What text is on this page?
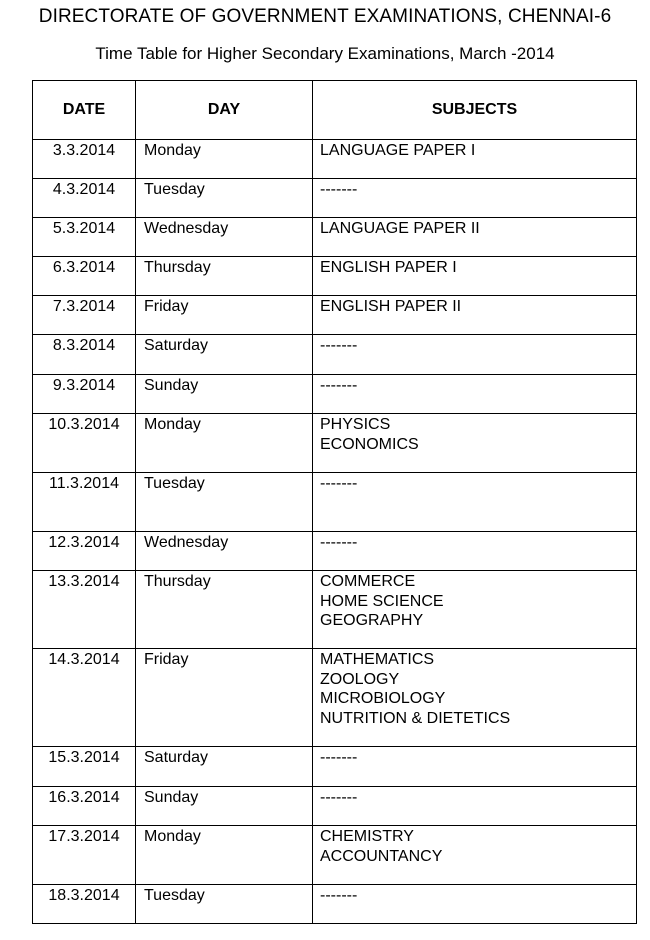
DIRECTORATE OF GOVERNMENT EXAMINATIONS, CHENNAI-6
Time Table for Higher Secondary Examinations, March -2014
DATE	DAY	SUBJECTS
3.3.2014	Monday	LANGUAGE PAPER I

4.3.2014	Tuesday	-------

5.3.2014	Wednesday	LANGUAGE PAPER II

6.3.2014	Thursday	ENGLISH PAPER I

7.3.2014	Friday	ENGLISH PAPER II

8.3.2014	Saturday	-------

9.3.2014	Sunday	-------

10.3.2014	Monday	PHYSICS
ECONOMICS

11.3.2014	Tuesday	-------

12.3.2014	Wednesday	-------

13.3.2014	Thursday	COMMERCE
HOME SCIENCE
GEOGRAPHY

14.3.2014	Friday	MATHEMATICS
ZOOLOGY
MICROBIOLOGY
NUTRITION & DIETETICS

15.3.2014	Saturday	-------

16.3.2014	Sunday	-------

17.3.2014	Monday	CHEMISTRY
ACCOUNTANCY

18.3.2014	Tuesday	-------
